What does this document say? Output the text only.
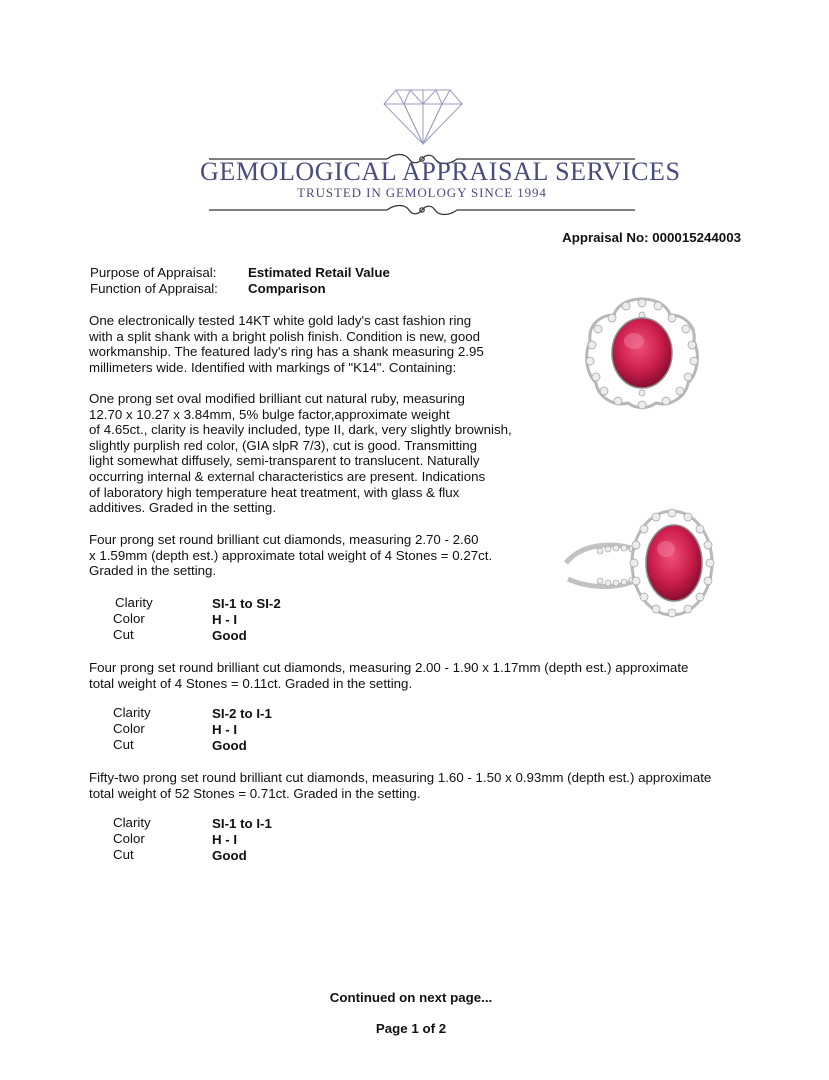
GEMOLOGICAL APPRAISAL SERVICES
TRUSTED IN GEMOLOGY SINCE 1994
Appraisal No: 000015244003
Purpose of Appraisal: Estimated Retail Value
Function of Appraisal: Comparison
One electronically tested 14KT white gold lady's cast fashion ring
with a split shank with a bright polish finish. Condition is new, good
workmanship. The featured lady's ring has a shank measuring 2.95
millimeters wide. Identified with markings of "K14". Containing:
One prong set oval modified brilliant cut natural ruby, measuring
12.70 x 10.27 x 3.84mm, 5% bulge factor,approximate weight
of 4.65ct., clarity is heavily included, type II, dark, very slightly brownish,
slightly purplish red color, (GIA slpR 7/3), cut is good. Transmitting
light somewhat diffusely, semi-transparent to translucent. Naturally
occurring internal & external characteristics are present. Indications
of laboratory high temperature heat treatment, with glass & flux
additives. Graded in the setting.
Four prong set round brilliant cut diamonds, measuring 2.70 - 2.60
x 1.59mm (depth est.) approximate total weight of 4 Stones = 0.27ct.
Graded in the setting.
Clarity	SI-1 to SI-2
Color	H - I
Cut	Good
Four prong set round brilliant cut diamonds, measuring 2.00 - 1.90 x 1.17mm (depth est.) approximate
total weight of 4 Stones = 0.11ct. Graded in the setting.
Clarity	SI-2 to I-1
Color	H - I
Cut	Good
Fifty-two prong set round brilliant cut diamonds, measuring 1.60 - 1.50 x 0.93mm (depth est.) approximate
total weight of 52 Stones = 0.71ct. Graded in the setting.
Clarity	SI-1 to I-1
Color	H - I
Cut	Good
Continued on next page...
Page 1 of 2
